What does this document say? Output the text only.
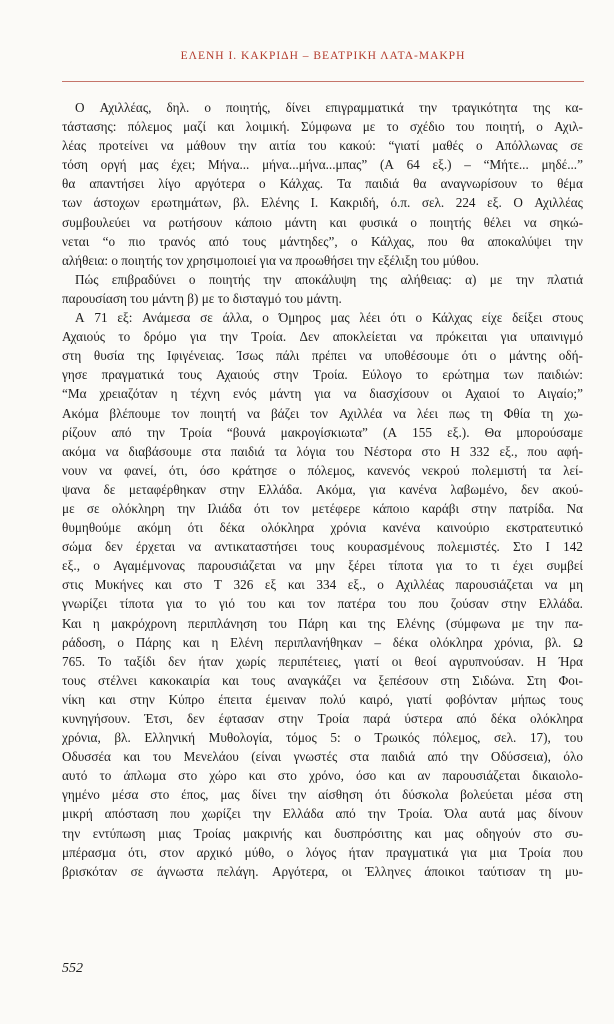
ΕΛΕΝΗ Ι. ΚΑΚΡΙΔΗ – ΒΕΑΤΡΙΚΗ ΛΑΤΑ-ΜΑΚΡΗ
Ο Αχιλλέας, δηλ. ο ποιητής, δίνει επιγραμματικά την τραγικότητα της κα-
τάστασης: πόλεμος μαζί και λοιμική. Σύμφωνα με το σχέδιο του ποιητή, ο Αχιλ-
λέας προτείνει να μάθουν την αιτία του κακού: “γιατί μαθές ο Απόλλωνας σε
τόση οργή μας έχει; Μήνα... μήνα...μήνα...μπας” (Α 64 εξ.) – “Μήτε... μηδέ...”
θα απαντήσει λίγο αργότερα ο Κάλχας. Τα παιδιά θα αναγνωρίσουν το θέμα
των άστοχων ερωτημάτων, βλ. Ελένης Ι. Κακριδή, ό.π. σελ. 224 εξ. Ο Αχιλλέας
συμβουλεύει να ρωτήσουν κάποιο μάντη και φυσικά ο ποιητής θέλει να σηκώ-
νεται “ο πιο τρανός από τους μάντηδες”, ο Κάλχας, που θα αποκαλύψει την
αλήθεια: ο ποιητής τον χρησιμοποιεί για να προωθήσει την εξέλιξη του μύθου.
Πώς επιβραδύνει ο ποιητής την αποκάλυψη της αλήθειας: α) με την πλατιά
παρουσίαση του μάντη β) με το δισταγμό του μάντη.
Α 71 εξ: Ανάμεσα σε άλλα, ο Όμηρος μας λέει ότι ο Κάλχας είχε δείξει στους
Αχαιούς το δρόμο για την Τροία. Δεν αποκλείεται να πρόκειται για υπαινιγμό
στη θυσία της Ιφιγένειας. Ίσως πάλι πρέπει να υποθέσουμε ότι ο μάντης οδή-
γησε πραγματικά τους Αχαιούς στην Τροία. Εύλογο το ερώτημα των παιδιών:
“Μα χρειαζόταν η τέχνη ενός μάντη για να διασχίσουν οι Αχαιοί το Αιγαίο;”
Ακόμα βλέπουμε τον ποιητή να βάζει τον Αχιλλέα να λέει πως τη Φθία τη χω-
ρίζουν από την Τροία “βουνά μακρογίσκιωτα” (Α 155 εξ.). Θα μπορούσαμε
ακόμα να διαβάσουμε στα παιδιά τα λόγια του Νέστορα στο Η 332 εξ., που αφή-
νουν να φανεί, ότι, όσο κράτησε ο πόλεμος, κανενός νεκρού πολεμιστή τα λεί-
ψανα δε μεταφέρθηκαν στην Ελλάδα. Ακόμα, για κανένα λαβωμένο, δεν ακού-
με σε ολόκληρη την Ιλιάδα ότι τον μετέφερε κάποιο καράβι στην πατρίδα. Να
θυμηθούμε ακόμη ότι δέκα ολόκληρα χρόνια κανένα καινούριο εκστρατευτικό
σώμα δεν έρχεται να αντικαταστήσει τους κουρασμένους πολεμιστές. Στο Ι 142
εξ., ο Αγαμέμνονας παρουσιάζεται να μην ξέρει τίποτα για το τι έχει συμβεί
στις Μυκήνες και στο Τ 326 εξ και 334 εξ., ο Αχιλλέας παρουσιάζεται να μη
γνωρίζει τίποτα για το γιό του και τον πατέρα του που ζούσαν στην Ελλάδα.
Και η μακρόχρονη περιπλάνηση του Πάρη και της Ελένης (σύμφωνα με την πα-
ράδοση, ο Πάρης και η Ελένη περιπλανήθηκαν – δέκα ολόκληρα χρόνια, βλ. Ω
765. Το ταξίδι δεν ήταν χωρίς περιπέτειες, γιατί οι θεοί αγρυπνούσαν. Η Ήρα
τους στέλνει κακοκαιρία και τους αναγκάζει να ξεπέσουν στη Σιδώνα. Στη Φοι-
νίκη και στην Κύπρο έπειτα έμειναν πολύ καιρό, γιατί φοβόνταν μήπως τους
κυνηγήσουν. Έτσι, δεν έφτασαν στην Τροία παρά ύστερα από δέκα ολόκληρα
χρόνια, βλ. Ελληνική Μυθολογία, τόμος 5: ο Τρωικός πόλεμος, σελ. 17), του
Οδυσσέα και του Μενελάου (είναι γνωστές στα παιδιά από την Οδύσσεια), όλο
αυτό το άπλωμα στο χώρο και στο χρόνο, όσο και αν παρουσιάζεται δικαιολο-
γημένο μέσα στο έπος, μας δίνει την αίσθηση ότι δύσκολα βολεύεται μέσα στη
μικρή απόσταση που χωρίζει την Ελλάδα από την Τροία. Όλα αυτά μας δίνουν
την εντύπωση μιας Τροίας μακρινής και δυσπρόσιτης και μας οδηγούν στο συ-
μπέρασμα ότι, στον αρχικό μύθο, ο λόγος ήταν πραγματικά για μια Τροία που
βρισκόταν σε άγνωστα πελάγη. Αργότερα, οι Έλληνες άποικοι ταύτισαν τη μυ-
552
